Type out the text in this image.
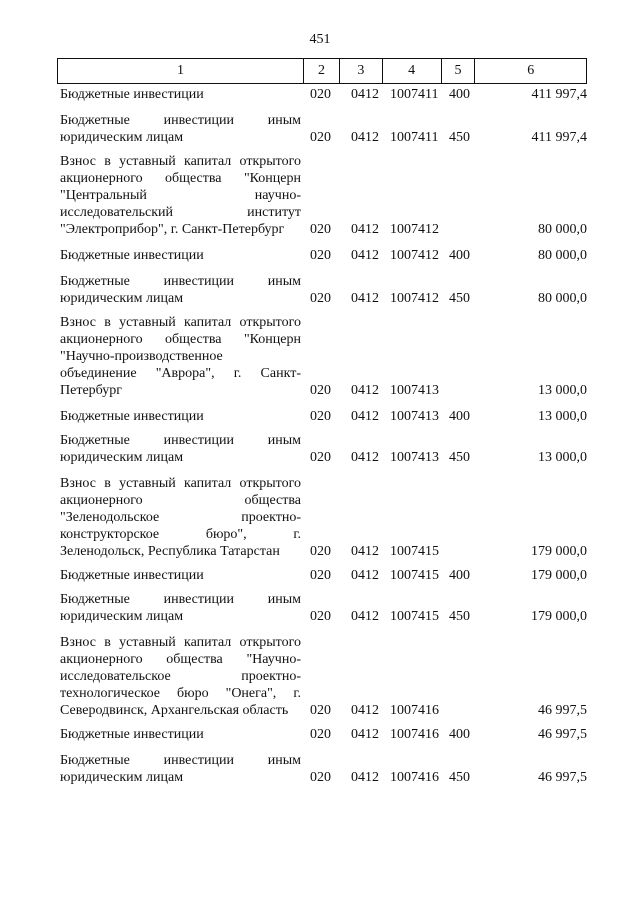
451
1	2	3	4	5	6
Бюджетные инвестиции	020 0412 1007411 400	411 997,4
Бюджетные инвестиции иным юридическим лицам	020 0412 1007411 450	411 997,4
Взнос в уставный капитал открытого акционерного общества "Концерн "Центральный научно-исследовательский институт "Электроприбор", г. Санкт-Петербург	020 0412 1007412	80 000,0
Бюджетные инвестиции	020 0412 1007412 400	80 000,0
Бюджетные инвестиции иным юридическим лицам	020 0412 1007412 450	80 000,0
Взнос в уставный капитал открытого акционерного общества "Концерн "Научно-производственное объединение "Аврора", г. Санкт-Петербург	020 0412 1007413	13 000,0
Бюджетные инвестиции	020 0412 1007413 400	13 000,0
Бюджетные инвестиции иным юридическим лицам	020 0412 1007413 450	13 000,0
Взнос в уставный капитал открытого акционерного общества "Зеленодольское проектно-конструкторское бюро", г. Зеленодольск, Республика Татарстан	020 0412 1007415	179 000,0
Бюджетные инвестиции	020 0412 1007415 400	179 000,0
Бюджетные инвестиции иным юридическим лицам	020 0412 1007415 450	179 000,0
Взнос в уставный капитал открытого акционерного общества "Научно-исследовательское проектно-технологическое бюро "Онега", г. Северодвинск, Архангельская область	020 0412 1007416	46 997,5
Бюджетные инвестиции	020 0412 1007416 400	46 997,5
Бюджетные инвестиции иным юридическим лицам	020 0412 1007416 450	46 997,5
